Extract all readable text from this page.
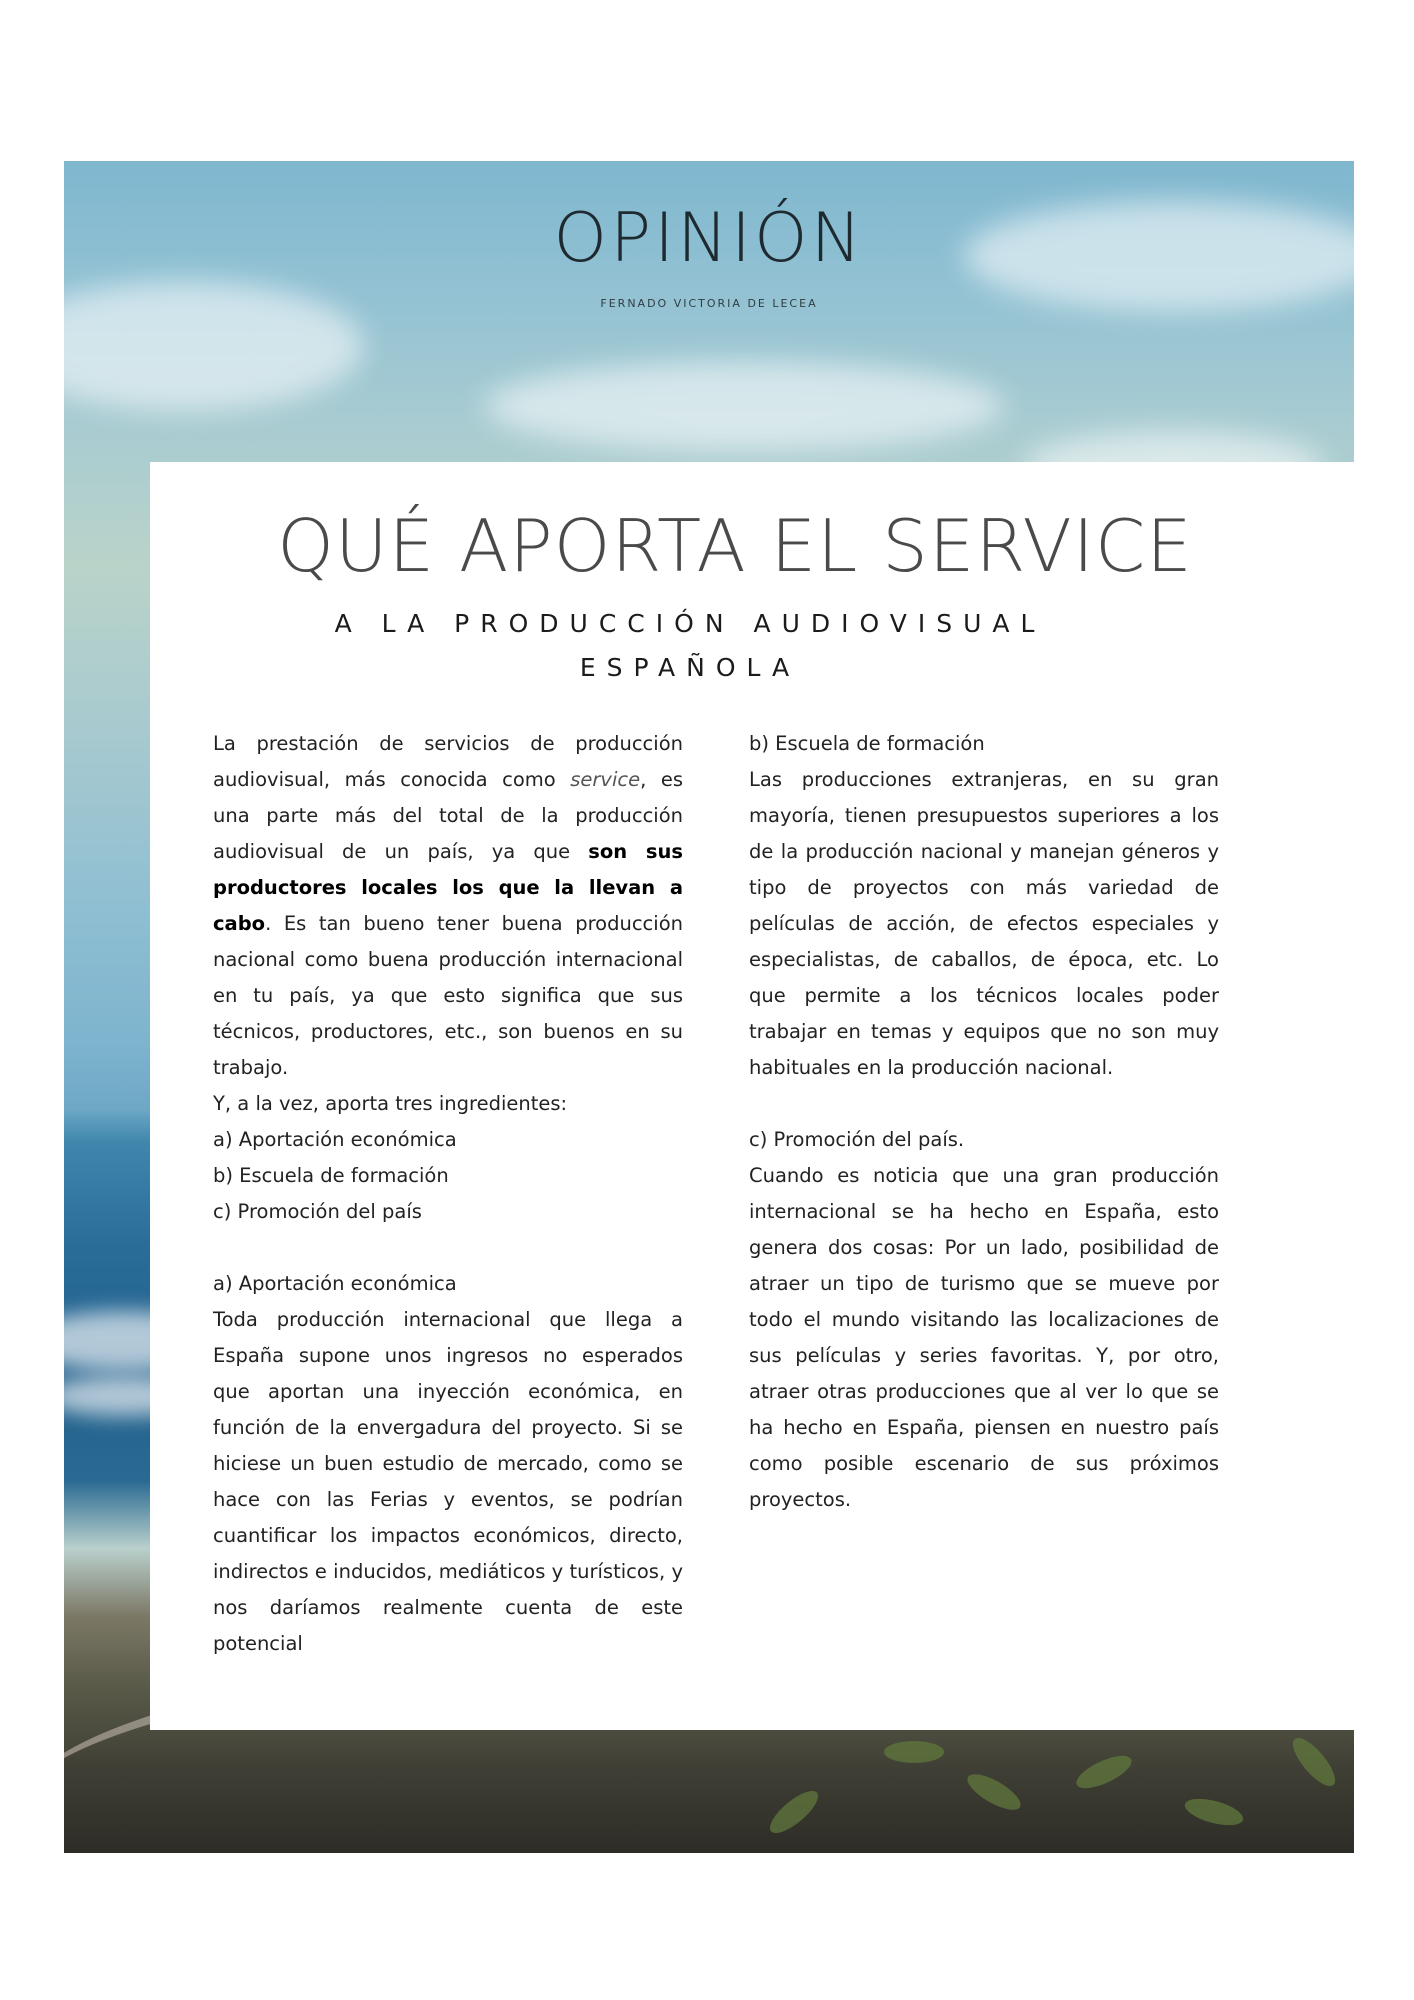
OPINIÓN
FERNADO VICTORIA DE LECEA
QUÉ APORTA EL SERVICE
A LA PRODUCCIÓN AUDIOVISUAL ESPAÑOLA

La prestación de servicios de producción audiovisual, más conocida como service, es una parte más del total de la producción audiovisual de un país, ya que son sus productores locales los que la llevan a cabo. Es tan bueno tener buena producción nacional como buena producción internacional en tu país, ya que esto significa que sus técnicos, productores, etc., son buenos en su trabajo.

Y, a la vez, aporta tres ingredientes:

a) Aportación económica

b) Escuela de formación

c) Promoción del país

a) Aportación económica

Toda producción internacional que llega a España supone unos ingresos no esperados que aportan una inyección económica, en función de la envergadura del proyecto. Si se hiciese un buen estudio de mercado, como se hace con las Ferias y eventos, se podrían cuantificar los impactos económicos, directo, indirectos e inducidos, mediáticos y turísticos, y nos daríamos realmente cuenta de este potencial

b) Escuela de formación

Las producciones extranjeras, en su gran mayoría, tienen presupuestos superiores a los de la producción nacional y manejan géneros y tipo de proyectos con más variedad de películas de acción, de efectos especiales y especialistas, de caballos, de época, etc. Lo que permite a los técnicos locales poder trabajar en temas y equipos que no son muy habituales en la producción nacional.

c) Promoción del país.

Cuando es noticia que una gran producción internacional se ha hecho en España, esto genera dos cosas: Por un lado, posibilidad de atraer un tipo de turismo que se mueve por todo el mundo visitando las localizaciones de sus películas y series favoritas. Y, por otro, atraer otras producciones que al ver lo que se ha hecho en España, piensen en nuestro país como posible escenario de sus próximos proyectos.
